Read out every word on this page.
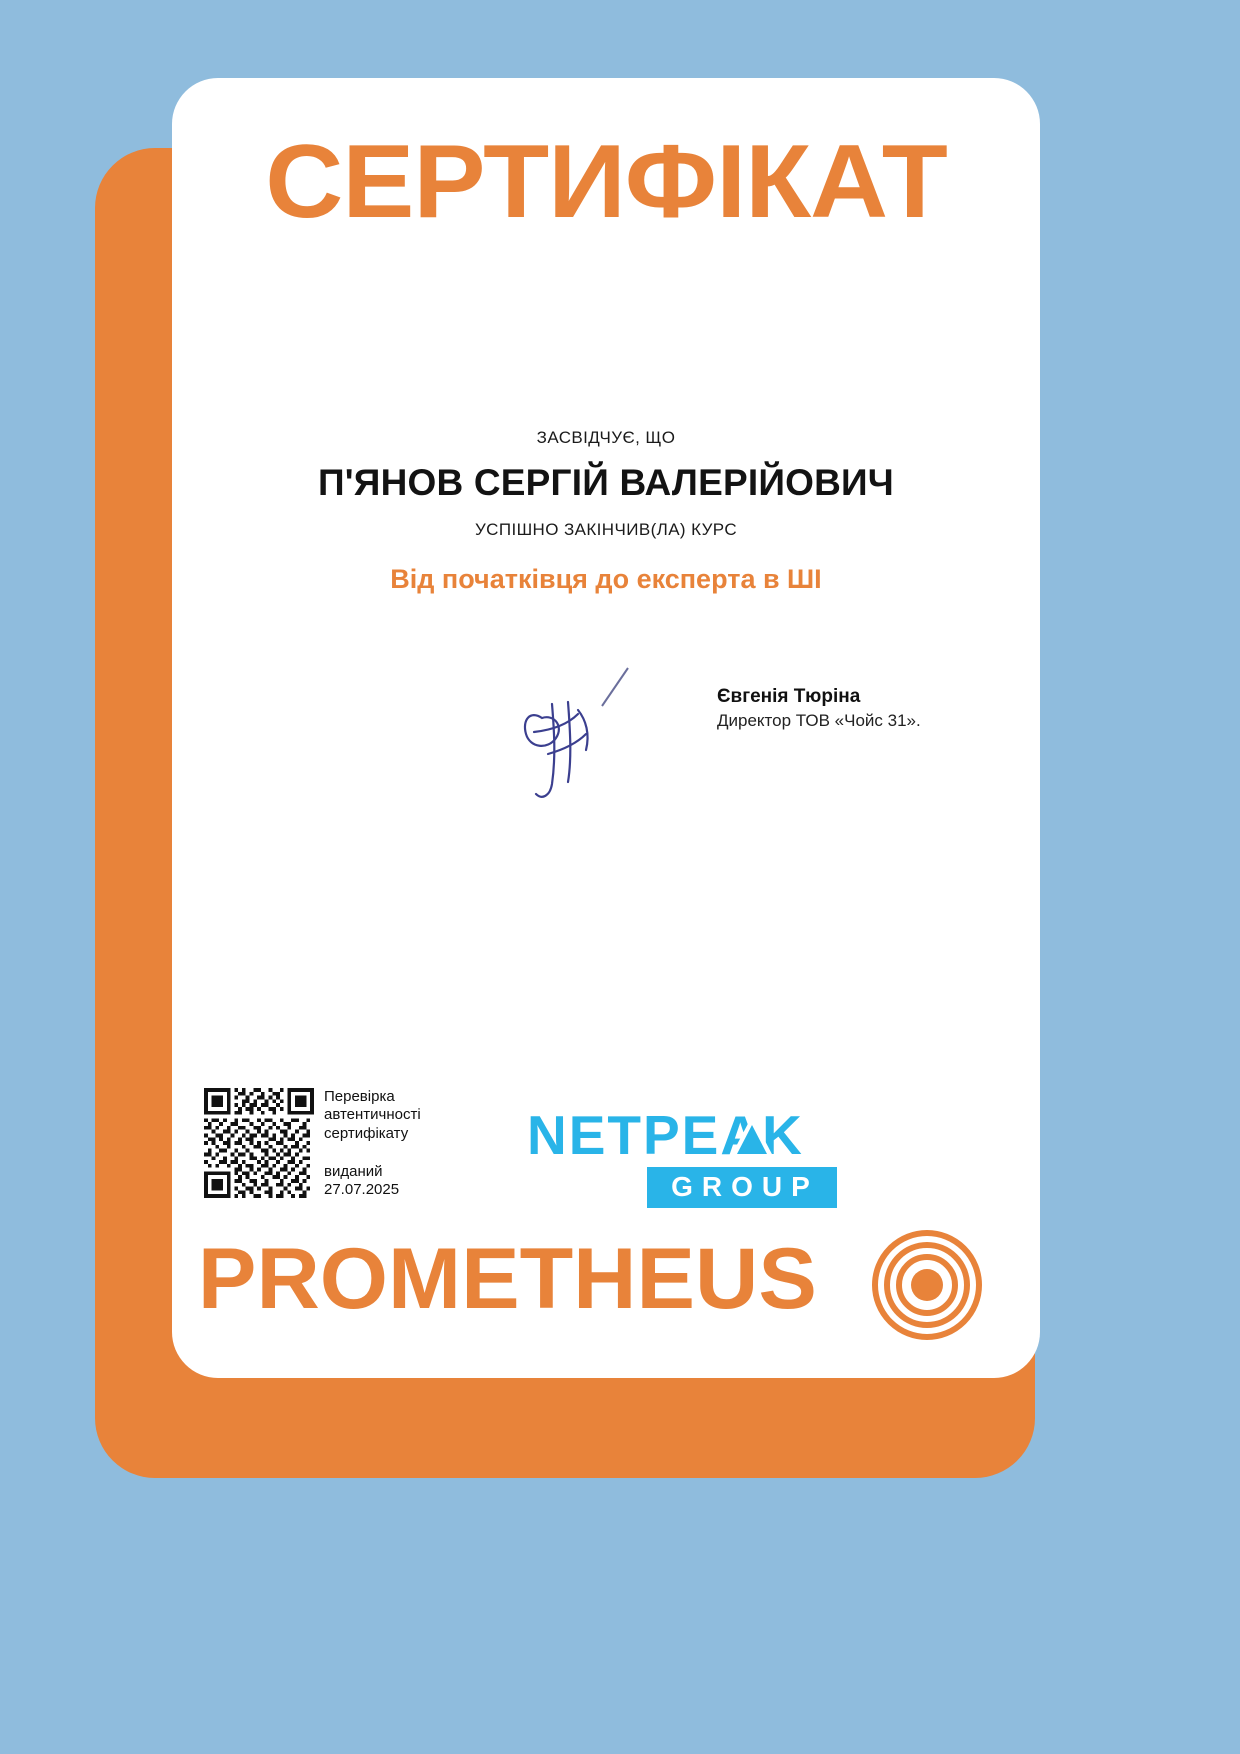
СЕРТИФІКАТ
ЗАСВІДЧУЄ, ЩО
П'ЯНОВ СЕРГІЙ ВАЛЕРІЙОВИЧ
УСПІШНО ЗАКІНЧИВ(ЛА) КУРС
Від початківця до експерта в ШІ
Євгенія Тюріна
Директор ТОВ «Чойс 31».
Перевірка автентичності сертифікату
виданий
27.07.2025
NETPEAK
GROUP
PROMETHEUS
